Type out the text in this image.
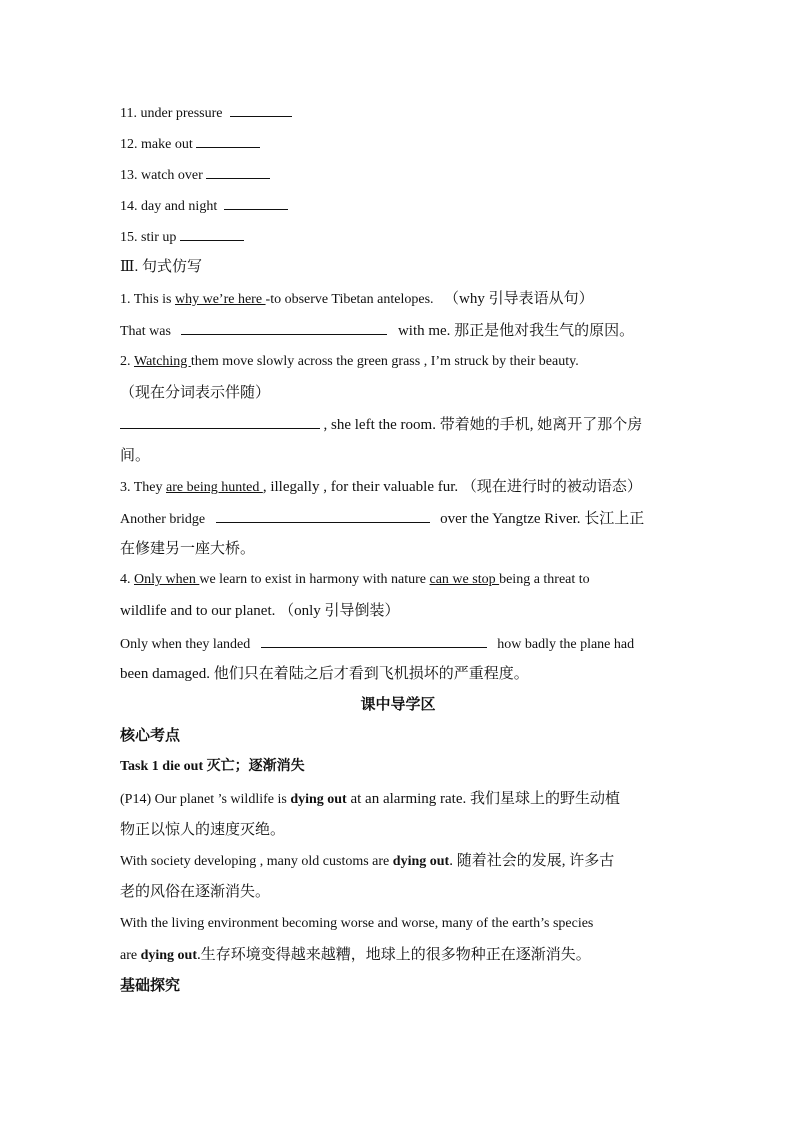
11. under pressure
12. make out
13. watch over
14. day and night
15. stir up
Ⅲ. 句式仿写
1. This is why we’re here -to observe Tibetan antelopes. （why 引导表语从句）
That was	with me. 那正是他对我生气的原因。
2. Watching them move slowly across the green grass , I’m struck by their beauty.
（现在分词表示伴随）
, she left the room. 带着她的手机, 她离开了那个房
间。
3. They are being hunted , illegally , for their valuable fur. （现在进行时的被动语态）
Another bridge	over the Yangtze River. 长江上正
在修建另一座大桥。
4. Only when we learn to exist in harmony with nature can we stop being a threat to
wildlife and to our planet. （only 引导倒装）
Only when they landed	how badly the plane had
been damaged. 他们只在着陆之后才看到飞机损坏的严重程度。
课中导学区
核心考点
Task 1 die out 灭亡；逐渐消失
(P14) Our planet ’s wildlife is dying out at an alarming rate. 我们星球上的野生动植
物正以惊人的速度灭绝。
With society developing , many old customs are dying out. 随着社会的发展, 许多古
老的风俗在逐渐消失。
With the living environment becoming worse and worse, many of the earth’s species
are dying out.生存环境变得越来越糟，地球上的很多物种正在逐渐消失。
基础探究
